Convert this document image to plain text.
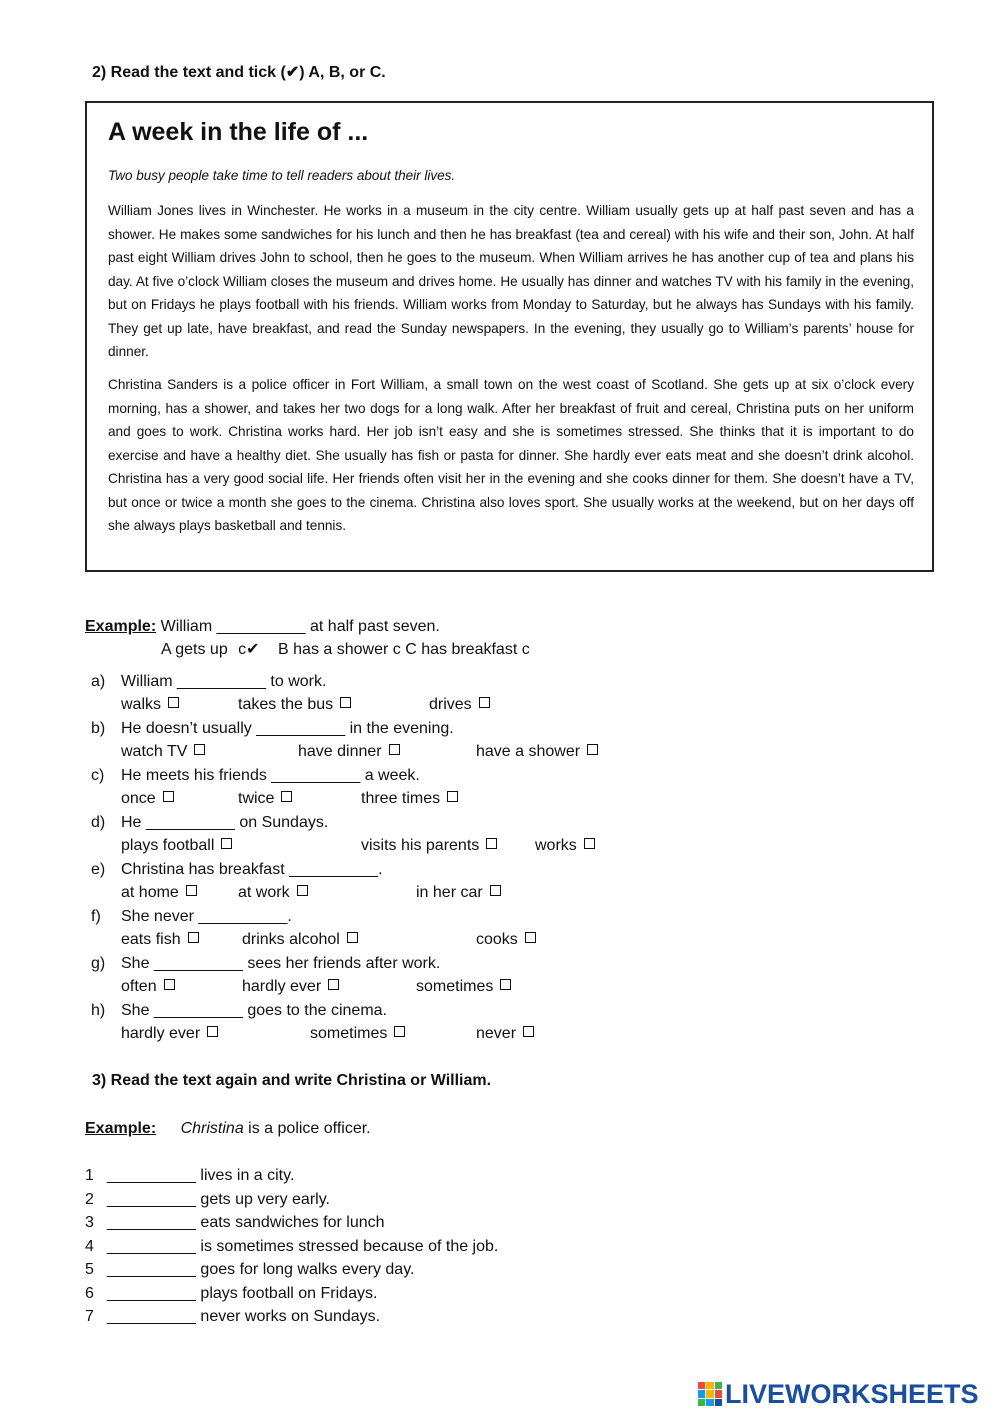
2) Read the text and tick (✔) A, B, or C.
A week in the life of ...
Two busy people take time to tell readers about their lives.
William Jones lives in Winchester. He works in a museum in the city centre. William usually gets up at half past seven and has a shower. He makes some sandwiches for his lunch and then he has breakfast (tea and cereal) with his wife and their son, John. At half past eight William drives John to school, then he goes to the museum. When William arrives he has another cup of tea and plans his day. At five o’clock William closes the museum and drives home. He usually has dinner and watches TV with his family in the evening, but on Fridays he plays football with his friends. William works from Monday to Saturday, but he always has Sundays with his family. They get up late, have breakfast, and read the Sunday newspapers. In the evening, they usually go to William’s parents’ house for dinner.
Christina Sanders is a police officer in Fort William, a small town on the west coast of Scotland. She gets up at six o’clock every morning, has a shower, and takes her two dogs for a long walk. After her breakfast of fruit and cereal, Christina puts on her uniform and goes to work. Christina works hard. Her job isn’t easy and she is sometimes stressed. She thinks that it is important to do exercise and have a healthy diet. She usually has fish or pasta for dinner. She hardly ever eats meat and she doesn’t drink alcohol. Christina has a very good social life. Her friends often visit her in the evening and she cooks dinner for them. She doesn’t have a TV, but once or twice a month she goes to the cinema. Christina also loves sport. She usually works at the weekend, but on her days off she always plays basketball and tennis.
Example: William __________ at half past seven.
A gets up c✔ B has a shower c C has breakfast c
a) William __________ to work.
walks	takes the bus	drives
b) He doesn’t usually __________ in the evening.
watch TV	have dinner	have a shower
c) He meets his friends __________ a week.
once	twice	three times
d) He __________ on Sundays.
plays football	visits his parents	works
e) Christina has breakfast __________.
at home	at work	in her car
f) She never __________.
eats fish	drinks alcohol	cooks
g) She __________ sees her friends after work.
often	hardly ever	sometimes
h) She __________ goes to the cinema.
hardly ever	sometimes	never
3) Read the text again and write Christina or William.
Example: Christina is a police officer.
1 __________ lives in a city.
2 __________ gets up very early.
3 __________ eats sandwiches for lunch
4 __________ is sometimes stressed because of the job.
5 __________ goes for long walks every day.
6 __________ plays football on Fridays.
7 __________ never works on Sundays.
LIVEWORKSHEETS
